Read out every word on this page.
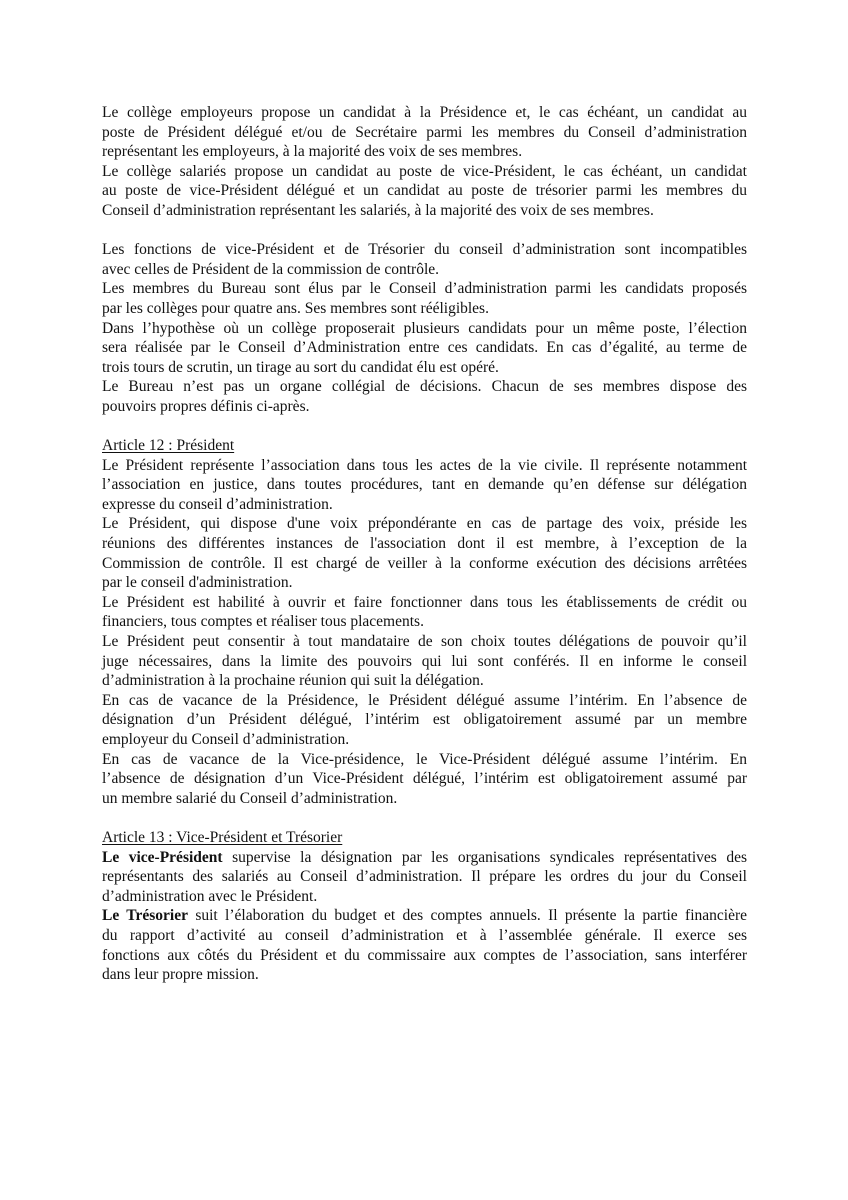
Le collège employeurs propose un candidat à la Présidence et, le cas échéant, un candidat au
poste de Président délégué et/ou de Secrétaire parmi les membres du Conseil d’administration
représentant les employeurs, à la majorité des voix de ses membres.
Le collège salariés propose un candidat au poste de vice-Président, le cas échéant, un candidat
au poste de vice-Président délégué et un candidat au poste de trésorier parmi les membres du
Conseil d’administration représentant les salariés, à la majorité des voix de ses membres.
Les fonctions de vice-Président et de Trésorier du conseil d’administration sont incompatibles
avec celles de Président de la commission de contrôle.
Les membres du Bureau sont élus par le Conseil d’administration parmi les candidats proposés
par les collèges pour quatre ans. Ses membres sont rééligibles.
Dans l’hypothèse où un collège proposerait plusieurs candidats pour un même poste, l’élection
sera réalisée par le Conseil d’Administration entre ces candidats. En cas d’égalité, au terme de
trois tours de scrutin, un tirage au sort du candidat élu est opéré.
Le Bureau n’est pas un organe collégial de décisions. Chacun de ses membres dispose des
pouvoirs propres définis ci-après.
Article 12 : Président
Le Président représente l’association dans tous les actes de la vie civile. Il représente notamment
l’association en justice, dans toutes procédures, tant en demande qu’en défense sur délégation
expresse du conseil d’administration.
Le Président, qui dispose d'une voix prépondérante en cas de partage des voix, préside les
réunions des différentes instances de l'association dont il est membre, à l’exception de la
Commission de contrôle. Il est chargé de veiller à la conforme exécution des décisions arrêtées
par le conseil d'administration.
Le Président est habilité à ouvrir et faire fonctionner dans tous les établissements de crédit ou
financiers, tous comptes et réaliser tous placements.
Le Président peut consentir à tout mandataire de son choix toutes délégations de pouvoir qu’il
juge nécessaires, dans la limite des pouvoirs qui lui sont conférés. Il en informe le conseil
d’administration à la prochaine réunion qui suit la délégation.
En cas de vacance de la Présidence, le Président délégué assume l’intérim. En l’absence de
désignation d’un Président délégué, l’intérim est obligatoirement assumé par un membre
employeur du Conseil d’administration.
En cas de vacance de la Vice-présidence, le Vice-Président délégué assume l’intérim. En
l’absence de désignation d’un Vice-Président délégué, l’intérim est obligatoirement assumé par
un membre salarié du Conseil d’administration.
Article 13 : Vice-Président et Trésorier
Le vice-Président supervise la désignation par les organisations syndicales représentatives des
représentants des salariés au Conseil d’administration. Il prépare les ordres du jour du Conseil
d’administration avec le Président.
Le Trésorier suit l’élaboration du budget et des comptes annuels. Il présente la partie financière
du rapport d’activité au conseil d’administration et à l’assemblée générale. Il exerce ses
fonctions aux côtés du Président et du commissaire aux comptes de l’association, sans interférer
dans leur propre mission.
